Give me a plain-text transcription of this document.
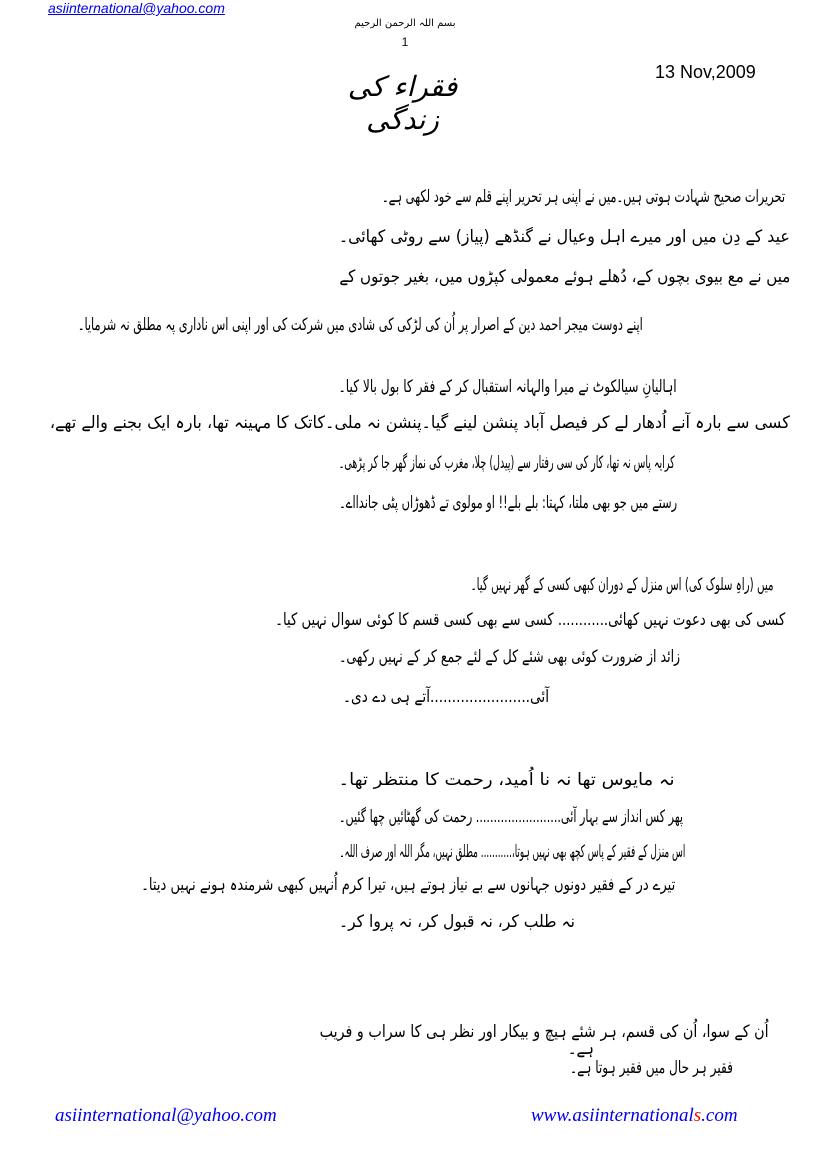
asiinternational@yahoo.com
بسم اللہ الرحمن الرحیم
1
فقراء کی زندگی
13 Nov,2009
تحریرات صحیح شہادت ہوتی ہیں۔میں نے اپنی ہر تحریر اپنے قلم سے خود لکھی ہے۔
عید کے دِن میں اور میرے اہل وعیال نے گنڈھے (پیاز) سے روٹی کھائی۔
میں نے مع بیوی بچوں کے، دُھلے ہوئے معمولی کپڑوں میں، بغیر جوتوں کے
اپنے دوست میجر احمد دین کے اصرار پر اُن کی لڑکی کی شادی میں شرکت کی اور اپنی اس ناداری پہ مطلق نہ شرمایا۔
اہالیانِ سیالکوٹ نے میرا والہانہ استقبال کر کے فقر کا بول بالا کیا۔
کسی سے بارہ آنے اُدھار لے کر فیصل آباد پنشن لینے گیا۔پنشن نہ ملی۔کاتک کا مہینہ تھا، بارہ ایک بجنے والے تھے،
کرایہ پاس نہ تھا، کار کی سی رفتار سے (پیدل) چلا، مغرب کی نماز گھر جا کر پڑھی۔
رستے میں جو بھی ملتا، کہتا: بلے بلے!! او مولوی تے ڈھوڑاں پٹی جاندااے۔
میں (راہِ سلوک کی) اس منزل کے دوران کبھی کسی کے گھر نہیں گیا۔
کسی کی بھی دعوت نہیں کھائی............ کسی سے بھی کسی قسم کا کوئی سوال نہیں کیا۔
زائد از ضرورت کوئی بھی شئے کل کے لئے جمع کر کے نہیں رکھی۔
آئی.......................آتے ہی دے دی۔
نہ مایوس تھا نہ نا اُمید، رحمت کا منتظر تھا۔
پھر کس انداز سے بہار آئی........................ رحمت کی گھٹائیں چھا گئیں۔
اس منزل کے فقیر کے پاس کچھ بھی نہیں ہوتا،........... مطلق نہیں، مگر اللہ اور صرف اللہ۔
تیرے در کے فقیر دونوں جہانوں سے بے نیاز ہوتے ہیں، تیرا کرم اُنہیں کبھی شرمندہ ہونے نہیں دیتا۔
نہ طلب کر، نہ قبول کر، نہ پروا کر۔
اُن کے سوا، اُن کی قسم، ہر شئے ہیچ و بیکار اور نظر ہی کا سراب و فریب
ہے۔
فقیر ہر حال میں فقیر ہوتا ہے۔
asiinternational@yahoo.com	www.asiinternationals.com
